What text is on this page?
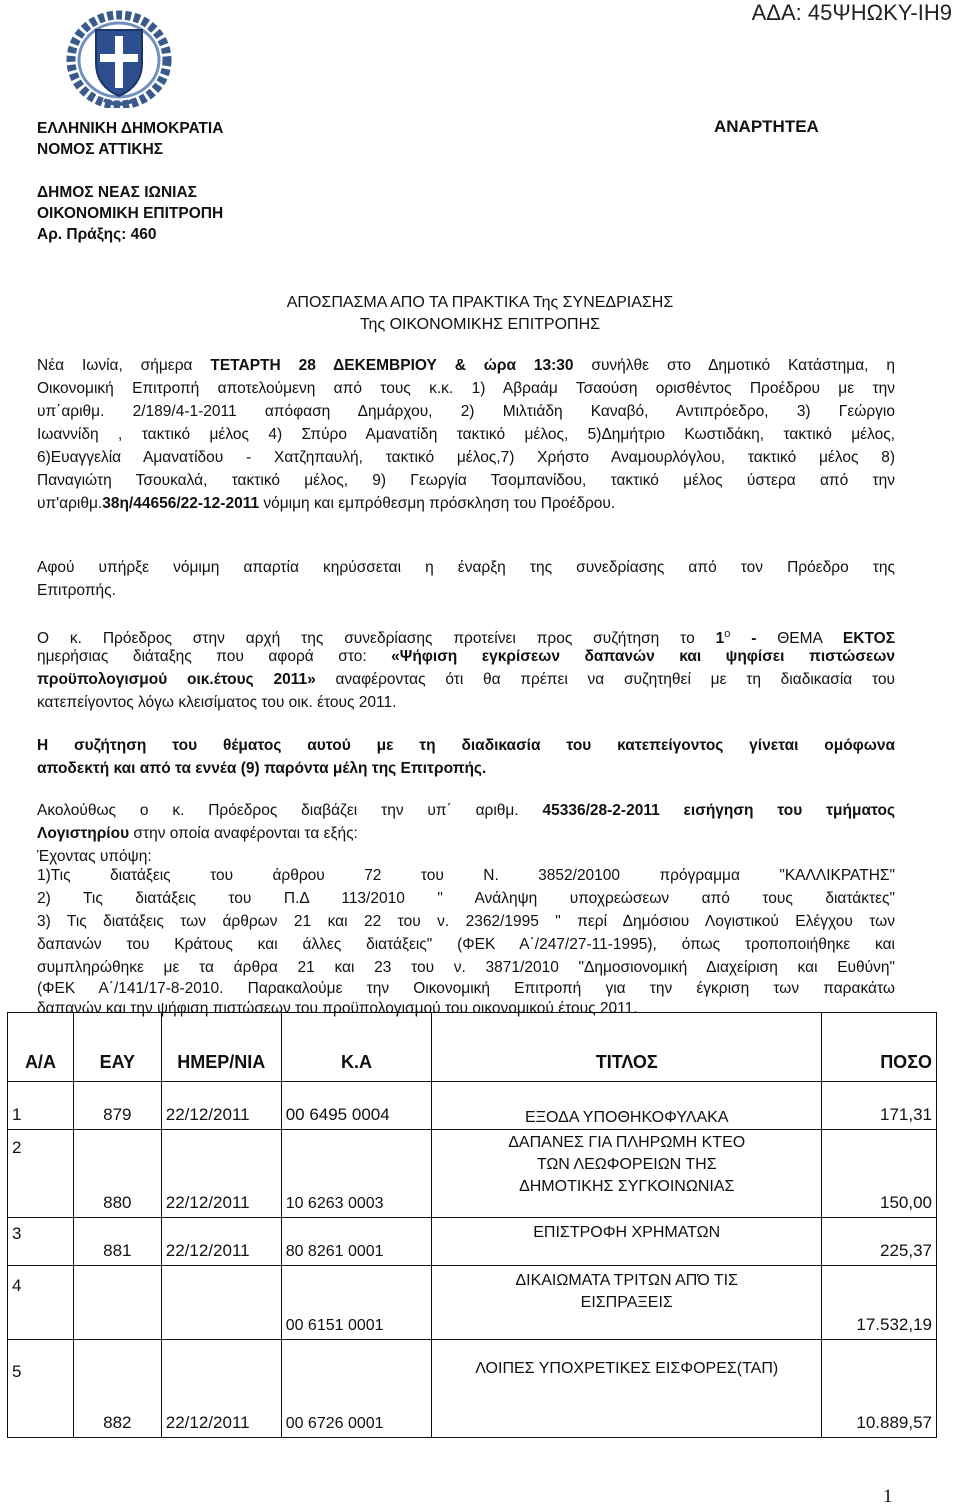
ΑΔΑ: 45ΨΗΩΚΥ-ΙΗ9
ΕΛΛΗΝΙΚΗ ΔΗΜΟΚΡΑΤΙΑ
ΝΟΜΟΣ ΑΤΤΙΚΗΣ
ΔΗΜΟΣ ΝΕΑΣ ΙΩΝΙΑΣ
ΟΙΚΟΝΟΜΙΚΗ ΕΠΙΤΡΟΠΗ
Αρ. Πράξης: 460
ΑΝΑΡΤΗΤΕΑ
ΑΠΟΣΠΑΣΜΑ ΑΠΟ ΤΑ ΠΡΑΚΤΙΚΑ Της ΣΥΝΕΔΡΙΑΣΗΣ
Της ΟΙΚΟΝΟΜΙΚΗΣ ΕΠΙΤΡΟΠΗΣ
Νέα Ιωνία, σήμερα ΤΕΤΑΡΤΗ 28 ΔΕΚΕΜΒΡΙΟΥ & ώρα 13:30 συνήλθε στο Δημοτικό Κατάστημα, η
Οικονομική Επιτροπή αποτελούμενη από τους κ.κ. 1) Αβραάμ Τσαούση ορισθέντος Προέδρου με την
υπ΄αριθμ. 2/189/4-1-2011 απόφαση Δημάρχου, 2) Μιλτιάδη Καναβό, Αντιπρόεδρο, 3) Γεώργιο
Ιωαννίδη , τακτικό μέλος 4) Σπύρο Αμανατίδη τακτικό μέλος, 5)Δημήτριο Κωστιδάκη, τακτικό μέλος,
6)Ευαγγελία Αμανατίδου - Χατζηπαυλή, τακτικό μέλος,7) Χρήστο Αναμουρλόγλου, τακτικό μέλος 8)
Παναγιώτη Τσουκαλά, τακτικό μέλος, 9) Γεωργία Τσομπανίδου, τακτικό μέλος ύστερα από την
υπ'αριθμ.38η/44656/22-12-2011 νόμιμη και εμπρόθεσμη πρόσκληση του Προέδρου.
Αφού υπήρξε νόμιμη απαρτία κηρύσσεται η έναρξη της συνεδρίασης από τον Πρόεδρο της
Επιτροπής.
Ο κ. Πρόεδρος στην αρχή της συνεδρίασης προτείνει προς συζήτηση το $1^o$ - ΘΕΜΑ ΕΚΤΟΣ
ημερήσιας διάταξης που αφορά στο: «Ψήφιση εγκρίσεων δαπανών και ψηφίσει πιστώσεων
προϋπολογισμού οικ.έτους 2011» αναφέροντας ότι θα πρέπει να συζητηθεί με τη διαδικασία του
κατεπείγοντος λόγω κλεισίματος του οικ. έτους 2011.
Η συζήτηση του θέματος αυτού με τη διαδικασία του κατεπείγοντος γίνεται ομόφωνα
αποδεκτή και από τα εννέα (9) παρόντα μέλη της Επιτροπής.
Ακολούθως ο κ. Πρόεδρος διαβάζει την υπ΄ αριθμ. 45336/28-2-2011 εισήγηση του τμήματος
Λογιστηρίου στην οποία αναφέρονται τα εξής:
Έχοντας υπόψη:
1)Τις διατάξεις του άρθρου 72 του Ν. 3852/20100 πρόγραμμα "ΚΑΛΛΙΚΡΑΤΗΣ"
2) Τις διατάξεις του Π.Δ 113/2010 " Ανάληψη υποχρεώσεων από τους διατάκτες"
3) Τις διατάξεις των άρθρων 21 και 22 του ν. 2362/1995 " περί Δημόσιου Λογιστικού Ελέγχου των
δαπανών του Κράτους και άλλες διατάξεις" (ΦΕΚ Α΄/247/27-11-1995), όπως τροποποιήθηκε και
συμπληρώθηκε με τα άρθρα 21 και 23 του ν. 3871/2010 "Δημοσιονομική Διαχείριση και Ευθύνη"
(ΦΕΚ Α΄/141/17-8-2010. Παρακαλούμε την Οικονομική Επιτροπή για την έγκριση των παρακάτω
δαπανών και την ψήφιση πιστώσεων του προϋπολογισμού του οικονομικού έτους 2011.
Α/Α	ΕΑΥ	ΗΜΕΡ/ΝΙΑ	Κ.Α	ΤΙΤΛΟΣ	ΠΟΣΟ
1	879	22/12/2011	00 6495 0004	ΕΞΟΔΑ ΥΠΟΘΗΚΟΦΥΛΑΚΑ	171,31
2	880	22/12/2011	10 6263 0003	ΔΑΠΑΝΕΣ ΓΙΑ ΠΛΗΡΩΜΗ ΚΤΕΟ ΤΩΝ ΛΕΩΦΟΡΕΙΩΝ ΤΗΣ ΔΗΜΟΤΙΚΗΣ ΣΥΓΚΟΙΝΩΝΙΑΣ	150,00
3	881	22/12/2011	80 8261 0001	ΕΠΙΣΤΡΟΦΗ ΧΡΗΜΑΤΩΝ	225,37
4			00 6151 0001	ΔΙΚΑΙΩΜΑΤΑ ΤΡΙΤΩΝ ΑΠΌ ΤΙΣ ΕΙΣΠΡΑΞΕΙΣ	17.532,19
5	882	22/12/2011	00 6726 0001	ΛΟΙΠΕΣ ΥΠΟΧΡΕΤΙΚΕΣ ΕΙΣΦΟΡΕΣ(ΤΑΠ)	10.889,57
1
